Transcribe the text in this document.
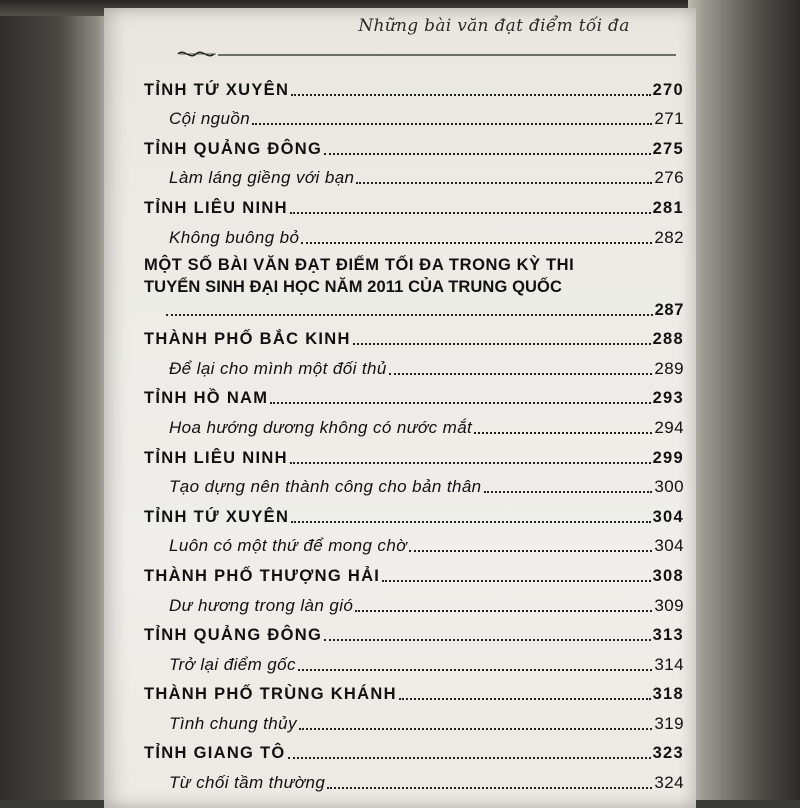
Những bài văn đạt điểm tối đa
TỈNH TỨ XUYÊN	270
Cội nguồn	271
TỈNH QUẢNG ĐÔNG	275
Làm láng giềng với bạn	276
TỈNH LIÊU NINH	281
Không buông bỏ	282
MỘT SỐ BÀI VĂN ĐẠT ĐIỂM TỐI ĐA TRONG KỲ THI
TUYỂN SINH ĐẠI HỌC NĂM 2011 CỦA TRUNG QUỐC
287
THÀNH PHỐ BẮC KINH	288
Để lại cho mình một đối thủ	289
TỈNH HỒ NAM	293
Hoa hướng dương không có nước mắt	294
TỈNH LIÊU NINH	299
Tạo dựng nên thành công cho bản thân	300
TỈNH TỨ XUYÊN	304
Luôn có một thứ để mong chờ	304
THÀNH PHỐ THƯỢNG HẢI	308
Dư hương trong làn gió	309
TỈNH QUẢNG ĐÔNG	313
Trở lại điểm gốc	314
THÀNH PHỐ TRÙNG KHÁNH	318
Tình chung thủy	319
TỈNH GIANG TÔ	323
Từ chối tầm thường	324
